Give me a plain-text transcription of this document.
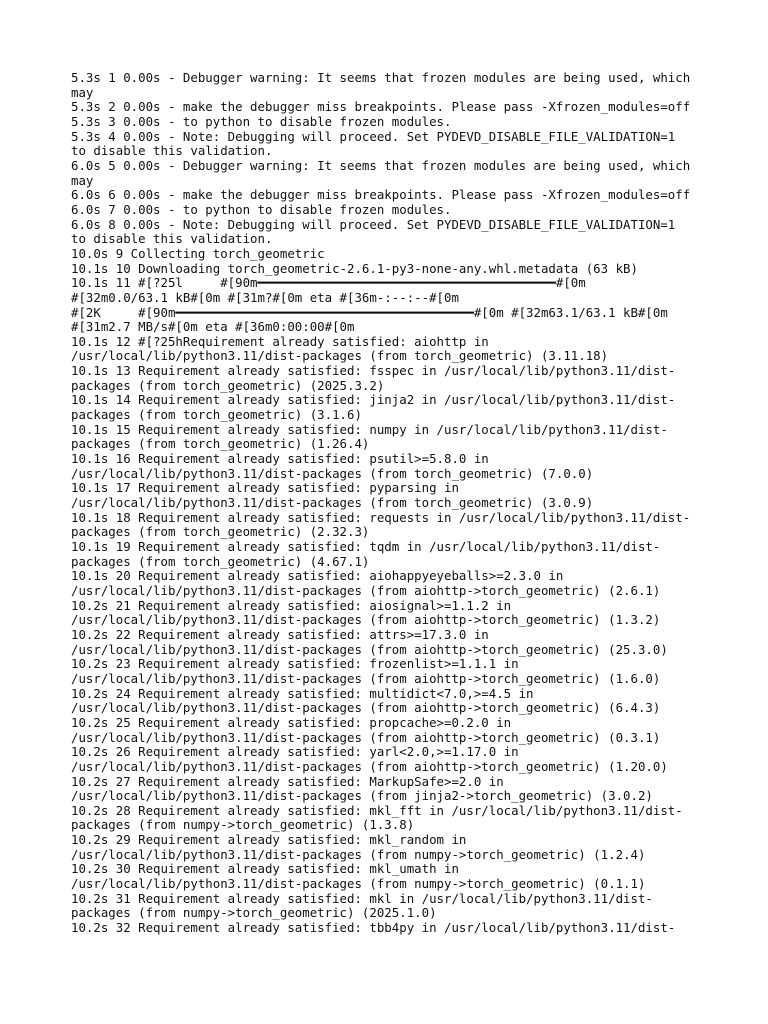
5.3s 1 0.00s - Debugger warning: It seems that frozen modules are being used, which
may
5.3s 2 0.00s - make the debugger miss breakpoints. Please pass -Xfrozen_modules=off
5.3s 3 0.00s - to python to disable frozen modules.
5.3s 4 0.00s - Note: Debugging will proceed. Set PYDEVD_DISABLE_FILE_VALIDATION=1
to disable this validation.
6.0s 5 0.00s - Debugger warning: It seems that frozen modules are being used, which
may
6.0s 6 0.00s - make the debugger miss breakpoints. Please pass -Xfrozen_modules=off
6.0s 7 0.00s - to python to disable frozen modules.
6.0s 8 0.00s - Note: Debugging will proceed. Set PYDEVD_DISABLE_FILE_VALIDATION=1
to disable this validation.
10.0s 9 Collecting torch_geometric
10.1s 10 Downloading torch_geometric-2.6.1-py3-none-any.whl.metadata (63 kB)
10.1s 11 #[?25l     #[90m━━━━━━━━━━━━━━━━━━━━━━━━━━━━━━━━━━━━━━━━#[0m
#[32m0.0/63.1 kB#[0m #[31m?#[0m eta #[36m-:--:--#[0m
#[2K     #[90m━━━━━━━━━━━━━━━━━━━━━━━━━━━━━━━━━━━━━━━━#[0m #[32m63.1/63.1 kB#[0m
#[31m2.7 MB/s#[0m eta #[36m0:00:00#[0m
10.1s 12 #[?25hRequirement already satisfied: aiohttp in
/usr/local/lib/python3.11/dist-packages (from torch_geometric) (3.11.18)
10.1s 13 Requirement already satisfied: fsspec in /usr/local/lib/python3.11/dist-
packages (from torch_geometric) (2025.3.2)
10.1s 14 Requirement already satisfied: jinja2 in /usr/local/lib/python3.11/dist-
packages (from torch_geometric) (3.1.6)
10.1s 15 Requirement already satisfied: numpy in /usr/local/lib/python3.11/dist-
packages (from torch_geometric) (1.26.4)
10.1s 16 Requirement already satisfied: psutil>=5.8.0 in
/usr/local/lib/python3.11/dist-packages (from torch_geometric) (7.0.0)
10.1s 17 Requirement already satisfied: pyparsing in
/usr/local/lib/python3.11/dist-packages (from torch_geometric) (3.0.9)
10.1s 18 Requirement already satisfied: requests in /usr/local/lib/python3.11/dist-
packages (from torch_geometric) (2.32.3)
10.1s 19 Requirement already satisfied: tqdm in /usr/local/lib/python3.11/dist-
packages (from torch_geometric) (4.67.1)
10.1s 20 Requirement already satisfied: aiohappyeyeballs>=2.3.0 in
/usr/local/lib/python3.11/dist-packages (from aiohttp->torch_geometric) (2.6.1)
10.2s 21 Requirement already satisfied: aiosignal>=1.1.2 in
/usr/local/lib/python3.11/dist-packages (from aiohttp->torch_geometric) (1.3.2)
10.2s 22 Requirement already satisfied: attrs>=17.3.0 in
/usr/local/lib/python3.11/dist-packages (from aiohttp->torch_geometric) (25.3.0)
10.2s 23 Requirement already satisfied: frozenlist>=1.1.1 in
/usr/local/lib/python3.11/dist-packages (from aiohttp->torch_geometric) (1.6.0)
10.2s 24 Requirement already satisfied: multidict<7.0,>=4.5 in
/usr/local/lib/python3.11/dist-packages (from aiohttp->torch_geometric) (6.4.3)
10.2s 25 Requirement already satisfied: propcache>=0.2.0 in
/usr/local/lib/python3.11/dist-packages (from aiohttp->torch_geometric) (0.3.1)
10.2s 26 Requirement already satisfied: yarl<2.0,>=1.17.0 in
/usr/local/lib/python3.11/dist-packages (from aiohttp->torch_geometric) (1.20.0)
10.2s 27 Requirement already satisfied: MarkupSafe>=2.0 in
/usr/local/lib/python3.11/dist-packages (from jinja2->torch_geometric) (3.0.2)
10.2s 28 Requirement already satisfied: mkl_fft in /usr/local/lib/python3.11/dist-
packages (from numpy->torch_geometric) (1.3.8)
10.2s 29 Requirement already satisfied: mkl_random in
/usr/local/lib/python3.11/dist-packages (from numpy->torch_geometric) (1.2.4)
10.2s 30 Requirement already satisfied: mkl_umath in
/usr/local/lib/python3.11/dist-packages (from numpy->torch_geometric) (0.1.1)
10.2s 31 Requirement already satisfied: mkl in /usr/local/lib/python3.11/dist-
packages (from numpy->torch_geometric) (2025.1.0)
10.2s 32 Requirement already satisfied: tbb4py in /usr/local/lib/python3.11/dist-
